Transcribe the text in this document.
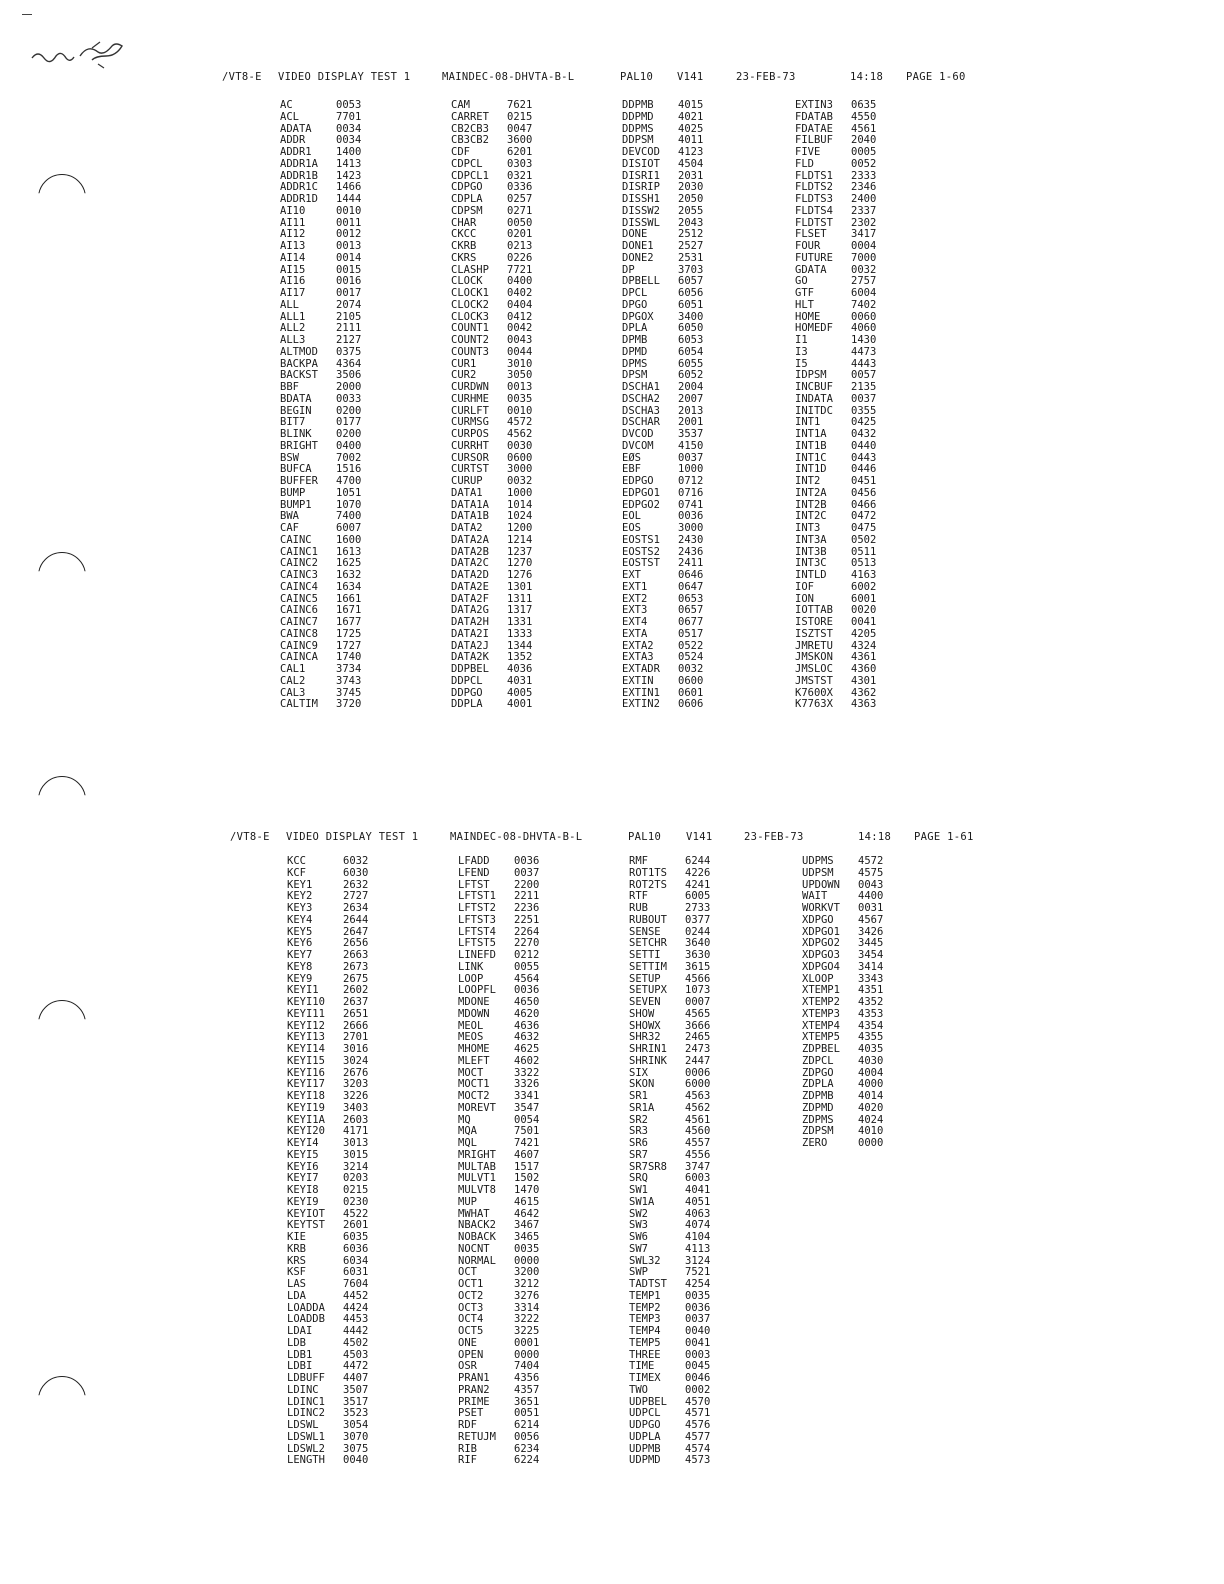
/VT8-E VIDEO DISPLAY TEST 1	MAINDEC-08-DHVTA-B-L	PAL10 V141	23-FEB-73	14:18 PAGE 1-60
AC	0053
ACL	7701
ADATA 0034
ADDR	0034
ADDR1 1400
ADDR1A 1413
ADDR1B 1423
ADDR1C 1466
ADDR1D 1444
AI10	0010
AI11	0011
AI12	0012
AI13	0013
AI14	0014
AI15	0015
AI16	0016
AI17	0017
ALL	2074
ALL1	2105
ALL2	2111
ALL3	2127
ALTMOD 0375
BACKPA 4364
BACKST 3506
BBF	2000
BDATA 0033
BEGIN 0200
BIT7	0177
BLINK 0200
BRIGHT 0400
BSW	7002
BUFCA 1516
BUFFER 4700
BUMP	1051
BUMP1 1070
BWA	7400
CAF	6007
CAINC 1600
CAINC1 1613
CAINC2 1625
CAINC3 1632
CAINC4 1634
CAINC5 1661
CAINC6 1671
CAINC7 1677
CAINC8 1725
CAINC9 1727
CAINCA 1740
CAL1	3734
CAL2	3743
CAL3	3745
CALTIM 3720
CAM	7621
CARRET 0215
CB2CB3 0047
CB3CB2 3600
CDF	6201
CDPCL 0303
CDPCL1 0321
CDPGO 0336
CDPLA 0257
CDPSM 0271
CHAR	0050
CKCC	0201
CKRB	0213
CKRS	0226
CLASHP 7721
CLOCK 0400
CLOCK1 0402
CLOCK2 0404
CLOCK3 0412
COUNT1 0042
COUNT2 0043
COUNT3 0044
CUR1	3010
CUR2	3050
CURDWN 0013
CURHME 0035
CURLFT 0010
CURMSG 4572
CURPOS 4562
CURRHT 0030
CURSOR 0600
CURTST 3000
CURUP 0032
DATA1 1000
DATA1A 1014
DATA1B 1024
DATA2 1200
DATA2A 1214
DATA2B 1237
DATA2C 1270
DATA2D 1276
DATA2E 1301
DATA2F 1311
DATA2G 1317
DATA2H 1331
DATA2I 1333
DATA2J 1344
DATA2K 1352
DDPBEL 4036
DDPCL 4031
DDPGO 4005
DDPLA 4001
DDPMB 4015
DDPMD 4021
DDPMS 4025
DDPSM 4011
DEVCOD 4123
DISIOT 4504
DISRI1 2031
DISRIP 2030
DISSH1 2050
DISSW2 2055
DISSWL 2043
DONE	2512
DONE1 2527
DONE2 2531
DP	3703
DPBELL 6057
DPCL	6056
DPGO	6051
DPGOX 3400
DPLA	6050
DPMB	6053
DPMD	6054
DPMS	6055
DPSM	6052
DSCHA1 2004
DSCHA2 2007
DSCHA3 2013
DSCHAR 2001
DVCOD 3537
DVCOM 4150
EØS	0037
EBF	1000
EDPGO 0712
EDPGO1 0716
EDPGO2 0741
EOL	0036
EOS	3000
EOSTS1 2430
EOSTS2 2436
EOSTST 2411
EXT	0646
EXT1	0647
EXT2	0653
EXT3	0657
EXT4	0677
EXTA	0517
EXTA2 0522
EXTA3 0524
EXTADR 0032
EXTIN 0600
EXTIN1 0601
EXTIN2 0606
EXTIN3 0635
FDATAB 4550
FDATAE 4561
FILBUF 2040
FIVE	0005
FLD	0052
FLDTS1 2333
FLDTS2 2346
FLDTS3 2400
FLDTS4 2337
FLDTST 2302
FLSET 3417
FOUR	0004
FUTURE 7000
GDATA 0032
GO	2757
GTF	6004
HLT	7402
HOME	0060
HOMEDF 4060
I1	1430
I3	4473
I5	4443
IDPSM 0057
INCBUF 2135
INDATA 0037
INITDC 0355
INT1	0425
INT1A 0432
INT1B 0440
INT1C 0443
INT1D 0446
INT2	0451
INT2A 0456
INT2B 0466
INT2C 0472
INT3	0475
INT3A 0502
INT3B 0511
INT3C 0513
INTLD 4163
IOF	6002
ION	6001
IOTTAB 0020
ISTORE 0041
ISZTST 4205
JMRETU 4324
JMSKON 4361
JMSLOC 4360
JMSTST 4301
K7600X 4362
K7763X 4363
/VT8-E VIDEO DISPLAY TEST 1	MAINDEC-08-DHVTA-B-L	PAL10 V141	23-FEB-73	14:18 PAGE 1-61
KCC	6032
KCF	6030
KEY1	2632
KEY2	2727
KEY3	2634
KEY4	2644
KEY5	2647
KEY6	2656
KEY7	2663
KEY8	2673
KEY9	2675
KEYI1 2602
KEYI10 2637
KEYI11 2651
KEYI12 2666
KEYI13 2701
KEYI14 3016
KEYI15 3024
KEYI16 2676
KEYI17 3203
KEYI18 3226
KEYI19 3403
KEYI1A 2603
KEYI20 4171
KEYI4 3013
KEYI5 3015
KEYI6 3214
KEYI7 0203
KEYI8 0215
KEYI9 0230
KEYIOT 4522
KEYTST 2601
KIE	6035
KRB	6036
KRS	6034
KSF	6031
LAS	7604
LDA	4452
LOADDA 4424
LOADDB 4453
LDAI	4442
LDB	4502
LDB1	4503
LDBI	4472
LDBUFF 4407
LDINC 3507
LDINC1 3517
LDINC2 3523
LDSWL 3054
LDSWL1 3070
LDSWL2 3075
LENGTH 0040
LFADD 0036
LFEND 0037
LFTST 2200
LFTST1 2211
LFTST2 2236
LFTST3 2251
LFTST4 2264
LFTST5 2270
LINEFD 0212
LINK	0055
LOOP	4564
LOOPFL 0036
MDONE 4650
MDOWN 4620
MEOL	4636
MEOS	4632
MHOME 4625
MLEFT 4602
MOCT	3322
MOCT1 3326
MOCT2 3341
MOREVT 3547
MQ	0054
MQA	7501
MQL	7421
MRIGHT 4607
MULTAB 1517
MULVT1 1502
MULVT8 1470
MUP	4615
MWHAT 4642
NBACK2 3467
NOBACK 3465
NOCNT 0035
NORMAL 0000
OCT	3200
OCT1	3212
OCT2	3276
OCT3	3314
OCT4	3222
OCT5	3225
ONE	0001
OPEN	0000
OSR	7404
PRAN1 4356
PRAN2 4357
PRIME 3651
PSET	0051
RDF	6214
RETUJM 0056
RIB	6234
RIF	6224
RMF	6244
ROT1TS 4226
ROT2TS 4241
RTF	6005
RUB	2733
RUBOUT 0377
SENSE 0244
SETCHR 3640
SETTI 3630
SETTIM 3615
SETUP 4566
SETUPX 1073
SEVEN 0007
SHOW	4565
SHOWX 3666
SHR32 2465
SHRIN1 2473
SHRINK 2447
SIX	0006
SKON	6000
SR1	4563
SR1A	4562
SR2	4561
SR3	4560
SR6	4557
SR7	4556
SR7SR8 3747
SRQ	6003
SW1	4041
SW1A	4051
SW2	4063
SW3	4074
SW6	4104
SW7	4113
SWL32 3124
SWP	7521
TADTST 4254
TEMP1 0035
TEMP2 0036
TEMP3 0037
TEMP4 0040
TEMP5 0041
THREE 0003
TIME	0045
TIMEX 0046
TWO	0002
UDPBEL 4570
UDPCL 4571
UDPGO 4576
UDPLA 4577
UDPMB 4574
UDPMD 4573
UDPMS 4572
UDPSM 4575
UPDOWN 0043
WAIT	4400
WORKVT 0031
XDPGO 4567
XDPGO1 3426
XDPGO2 3445
XDPGO3 3454
XDPGO4 3414
XLOOP 3343
XTEMP1 4351
XTEMP2 4352
XTEMP3 4353
XTEMP4 4354
XTEMP5 4355
ZDPBEL 4035
ZDPCL 4030
ZDPGO 4004
ZDPLA 4000
ZDPMB 4014
ZDPMD 4020
ZDPMS 4024
ZDPSM 4010
ZERO	0000
